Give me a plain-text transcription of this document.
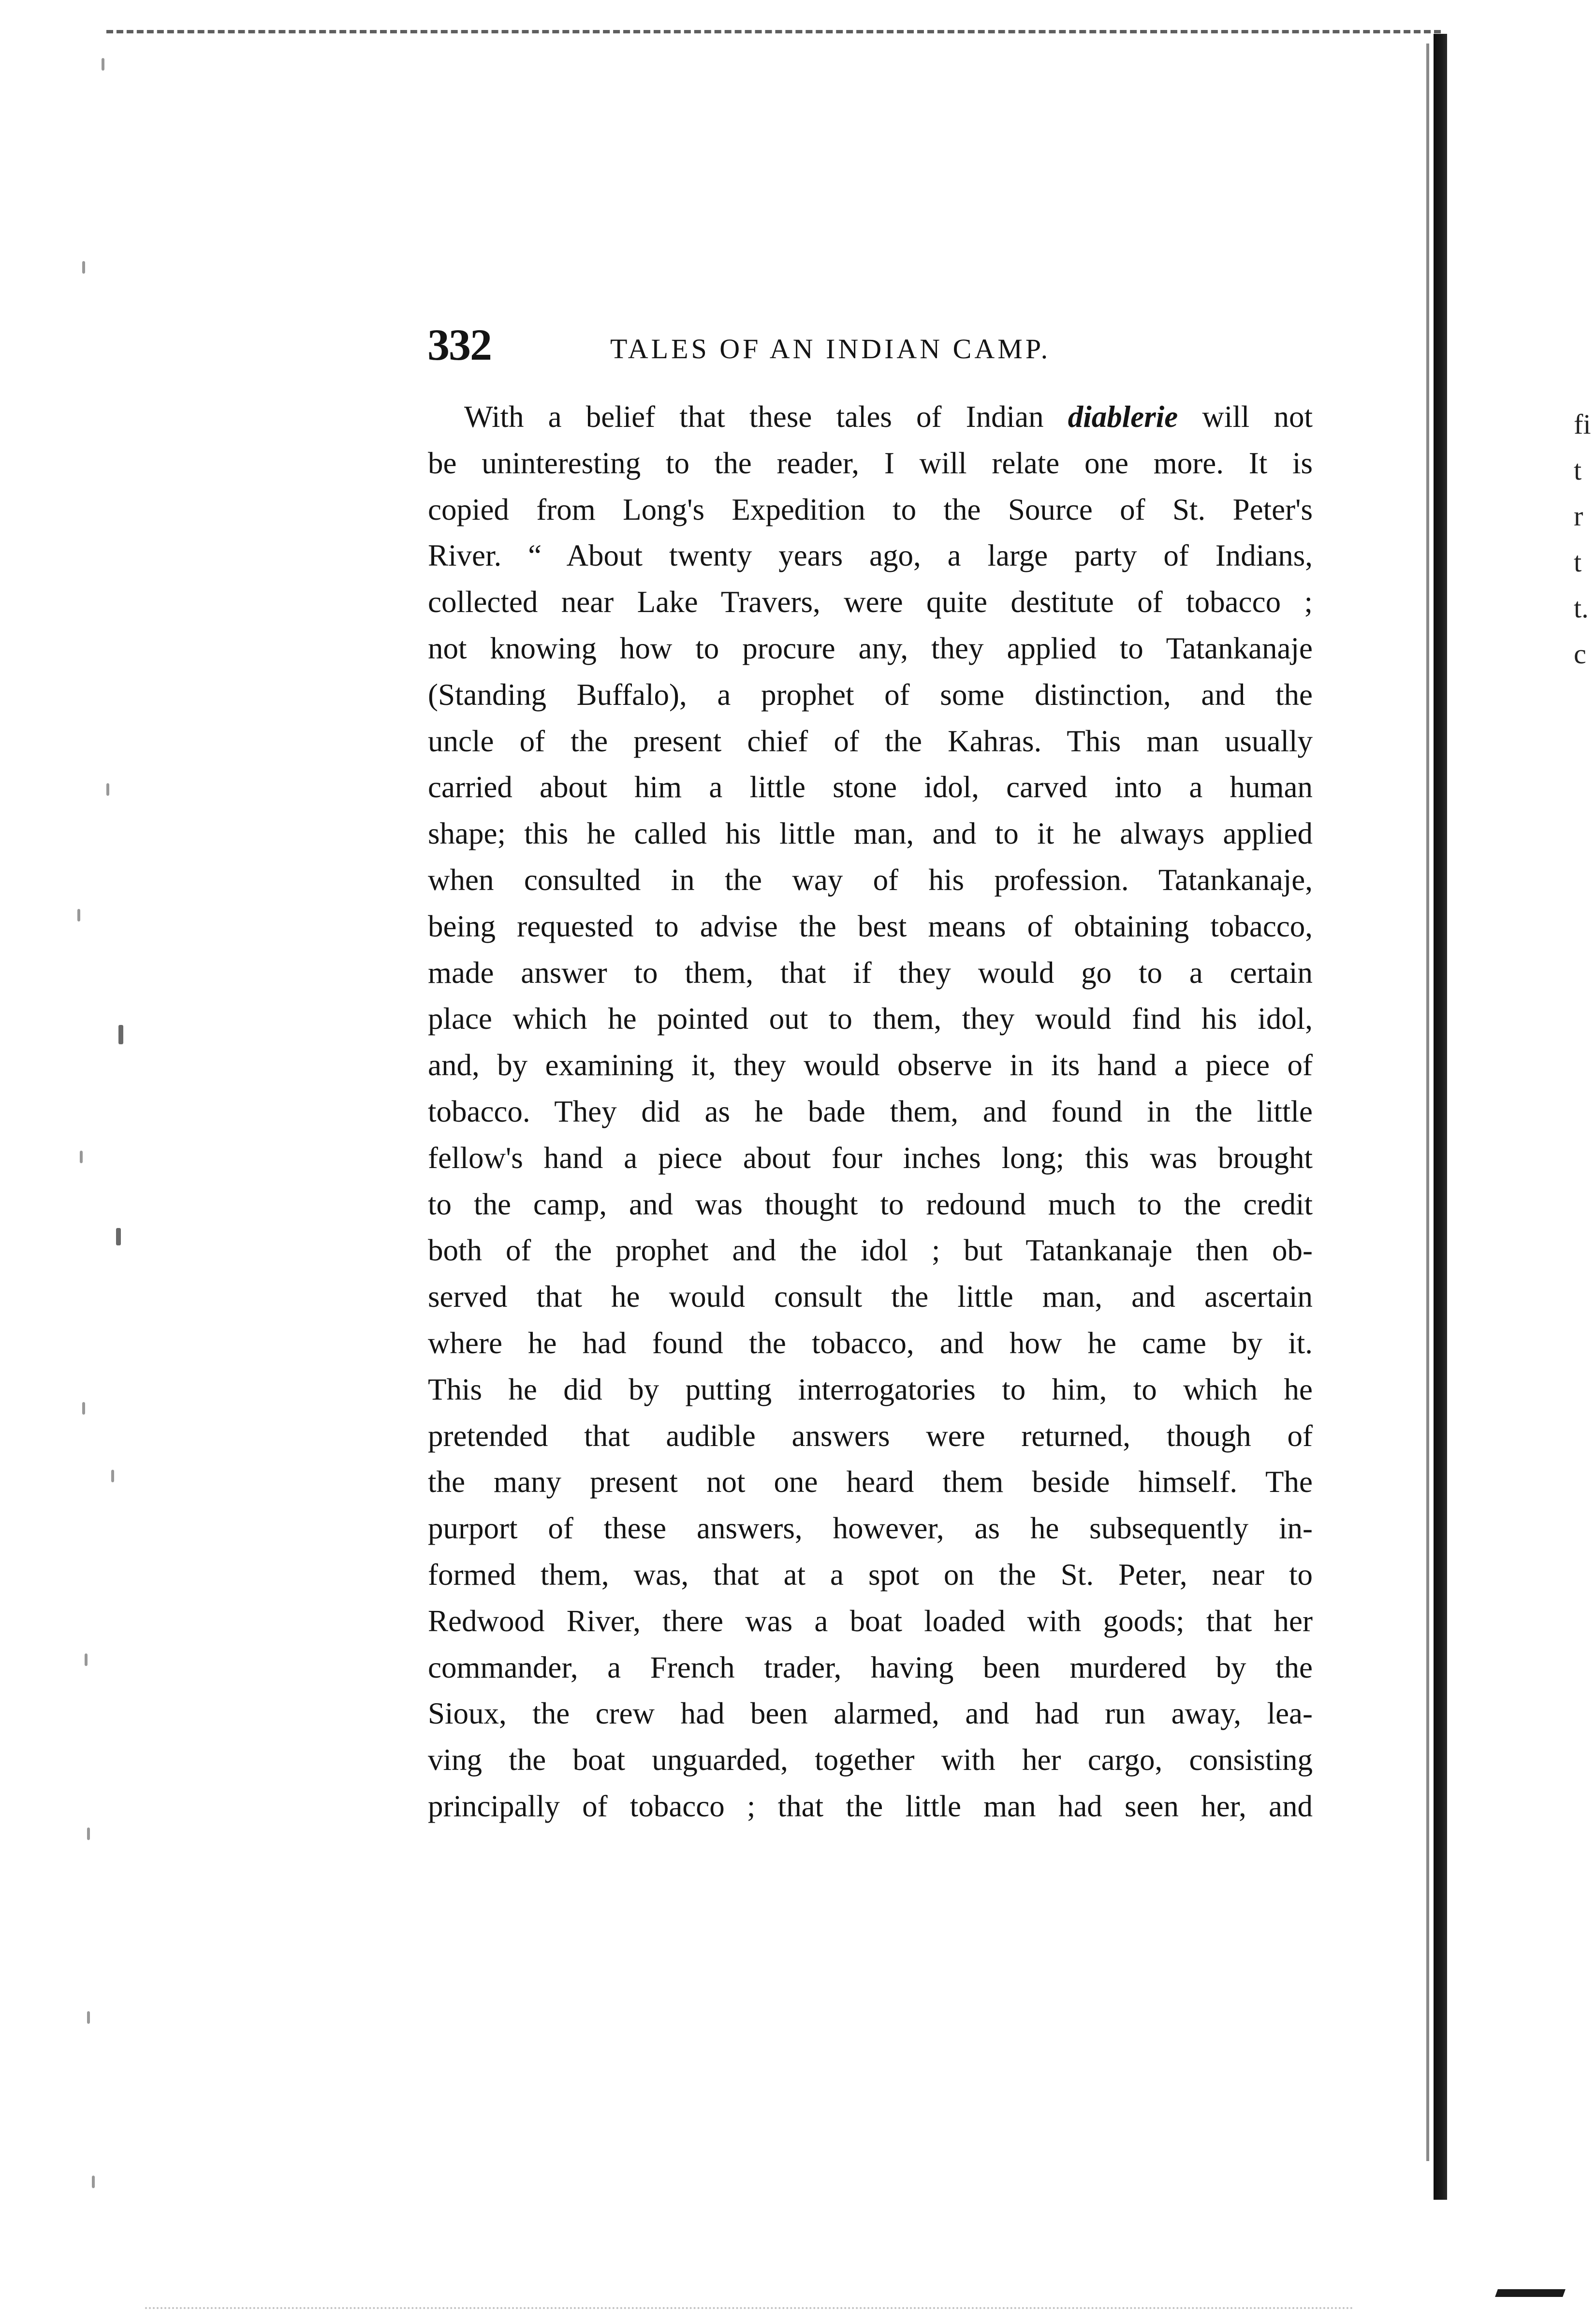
fi
t
r
t
t.
c
332	TALES OF AN INDIAN CAMP.
With a belief that these tales of Indian diablerie will not
be uninteresting to the reader, I will relate one more. It is
copied from Long's Expedition to the Source of St. Peter's
River. “ About twenty years ago, a large party of Indians,
collected near Lake Travers, were quite destitute of tobacco ;
not knowing how to procure any, they applied to Tatankanaje
(Standing Buffalo), a prophet of some distinction, and the
uncle of the present chief of the Kahras. This man usually
carried about him a little stone idol, carved into a human
shape; this he called his little man, and to it he always applied
when consulted in the way of his profession. Tatankanaje,
being requested to advise the best means of obtaining tobacco,
made answer to them, that if they would go to a certain
place which he pointed out to them, they would find his idol,
and, by examining it, they would observe in its hand a piece of
tobacco. They did as he bade them, and found in the little
fellow's hand a piece about four inches long; this was brought
to the camp, and was thought to redound much to the credit
both of the prophet and the idol ; but Tatankanaje then ob-
served that he would consult the little man, and ascertain
where he had found the tobacco, and how he came by it.
This he did by putting interrogatories to him, to which he
pretended that audible answers were returned, though of
the many present not one heard them beside himself. The
purport of these answers, however, as he subsequently in-
formed them, was, that at a spot on the St. Peter, near to
Redwood River, there was a boat loaded with goods; that her
commander, a French trader, having been murdered by the
Sioux, the crew had been alarmed, and had run away, lea-
ving the boat unguarded, together with her cargo, consisting
principally of tobacco ; that the little man had seen her, and
